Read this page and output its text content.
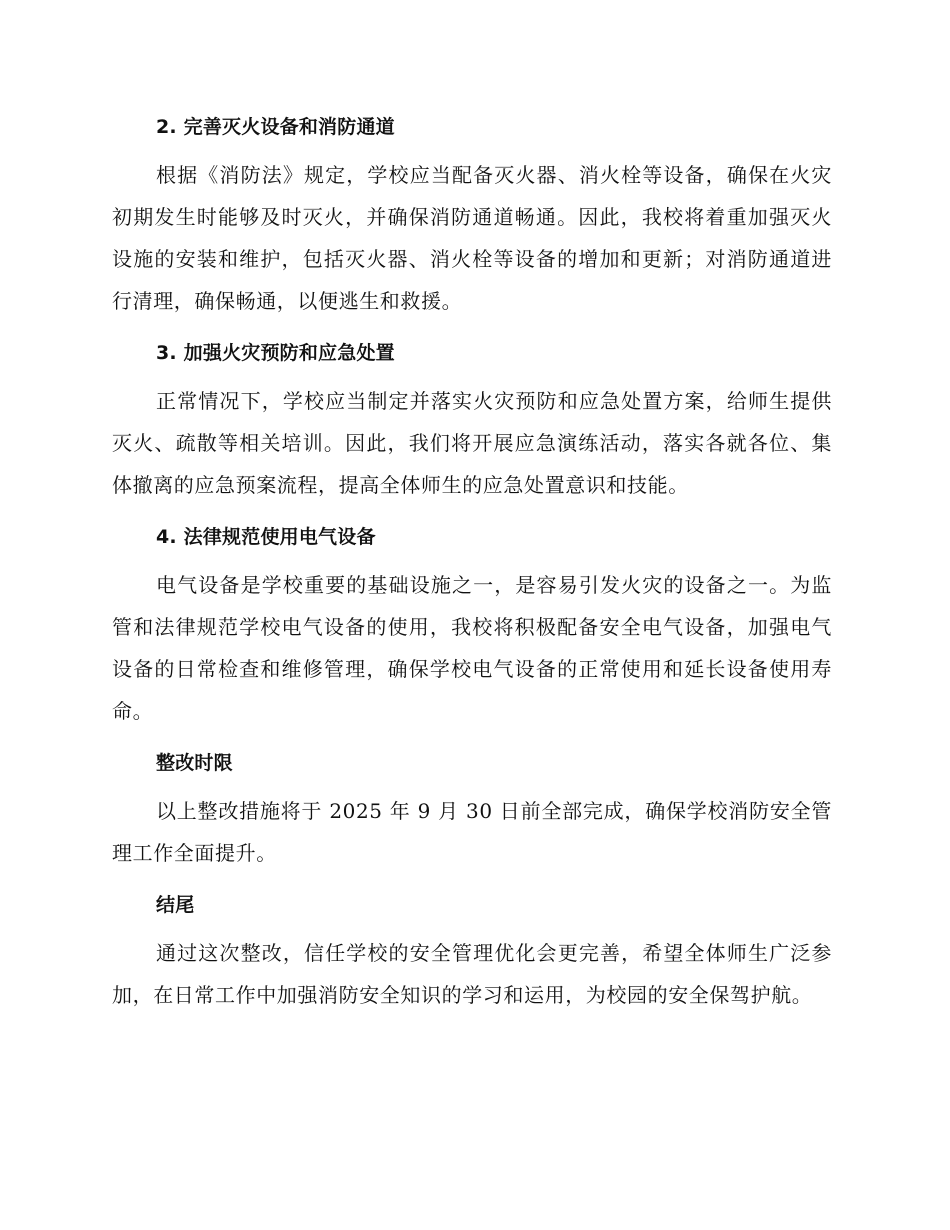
2. 完善灭火设备和消防通道

根据《消防法》规定，学校应当配备灭火器、消火栓等设备，确保在火灾初期发生时能够及时灭火，并确保消防通道畅通。因此，我校将着重加强灭火设施的安装和维护，包括灭火器、消火栓等设备的增加和更新；对消防通道进行清理，确保畅通，以便逃生和救援。

3. 加强火灾预防和应急处置

正常情况下，学校应当制定并落实火灾预防和应急处置方案，给师生提供灭火、疏散等相关培训。因此，我们将开展应急演练活动，落实各就各位、集体撤离的应急预案流程，提高全体师生的应急处置意识和技能。

4. 法律规范使用电气设备

电气设备是学校重要的基础设施之一，是容易引发火灾的设备之一。为监管和法律规范学校电气设备的使用，我校将积极配备安全电气设备，加强电气设备的日常检查和维修管理，确保学校电气设备的正常使用和延长设备使用寿命。

整改时限

以上整改措施将于 2025 年 9 月 30 日前全部完成，确保学校消防安全管理工作全面提升。

结尾

通过这次整改，信任学校的安全管理优化会更完善，希望全体师生广泛参加，在日常工作中加强消防安全知识的学习和运用，为校园的安全保驾护航。
